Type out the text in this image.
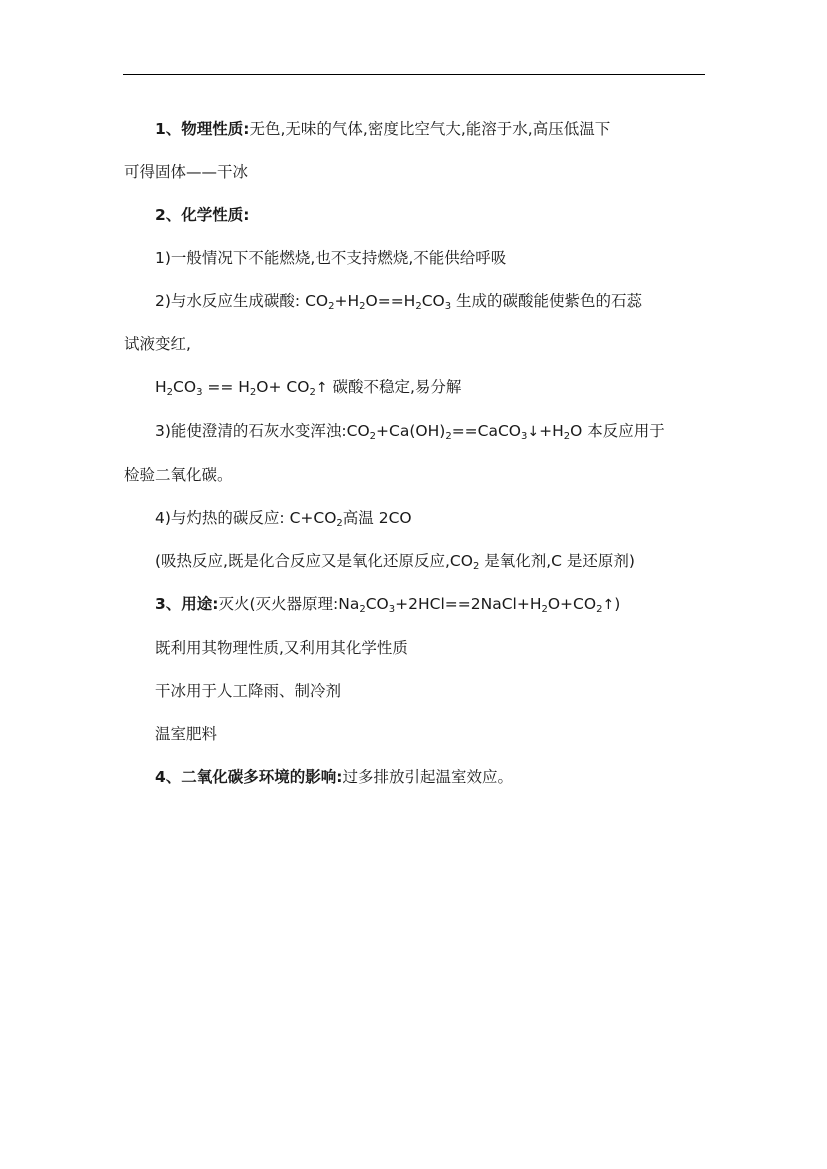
1、物理性质:无色,无味的气体,密度比空气大,能溶于水,高压低温下

可得固体——干冰

2、化学性质:

1)一般情况下不能燃烧,也不支持燃烧,不能供给呼吸

2)与水反应生成碳酸: $CO_2+H_2O==H_2CO_3$ 生成的碳酸能使紫色的石蕊

试液变红,

$H_2CO_3 == H_2O+$ $CO_2↑$ 碳酸不稳定,易分解

3)能使澄清的石灰水变浑浊$:CO_2+Ca(OH)_2==CaCO_3↓+H_2O$ 本反应用于

检验二氧化碳。

4)与灼热的碳反应: $C+CO_2$高温 2CO

(吸热反应,既是化合反应又是氧化还原反应$,CO_2$ 是氧化剂,C 是还原剂)

3、用途:灭火(灭火器原理$:Na_2CO_3+2HCl==2NaCl+H_2O+CO_2↑$)

既利用其物理性质,又利用其化学性质

干冰用于人工降雨、制冷剂

温室肥料

4、二氧化碳多环境的影响:过多排放引起温室效应。
